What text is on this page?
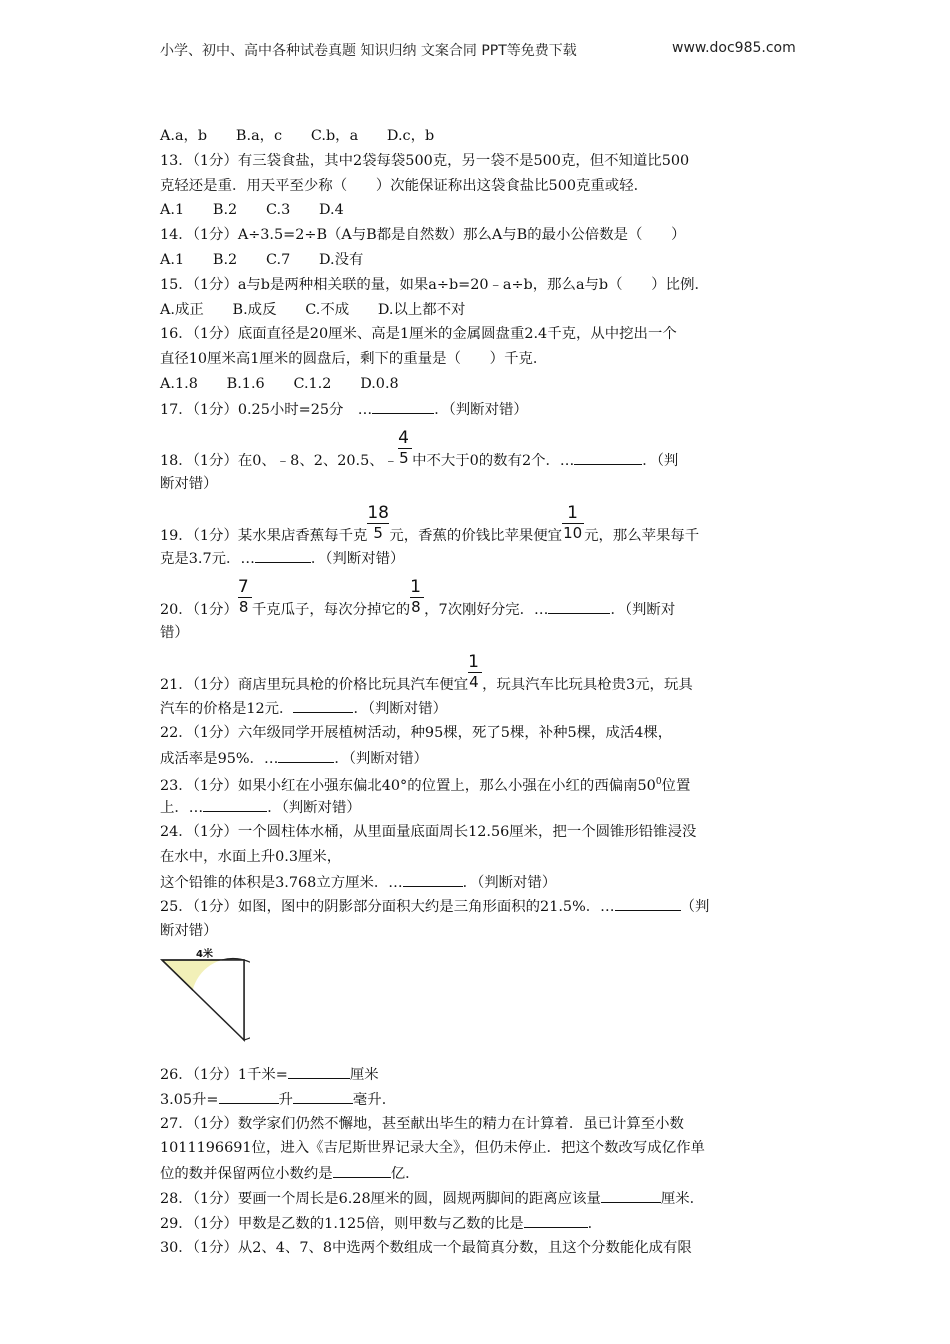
小学、初中、高中各种试卷真题 知识归纳 文案合同 PPT等免费下载	www.doc985.com
A.a，b　　B.a，c　　C.b，a　　D.c，b
13．（1分）有三袋食盐，其中2袋每袋500克，另一袋不是500克，但不知道比500
克轻还是重．用天平至少称（　　）次能保证称出这袋食盐比500克重或轻．
A.1　　B.2　　C.3　　D.4
14．（1分）A÷3.5=2÷B（A与B都是自然数）那么A与B的最小公倍数是（　　）
A.1　　B.2　　C.7　　D.没有
15．（1分）a与b是两种相关联的量，如果a÷b=20﹣a÷b，那么a与b（　　）比例．
A.成正　　B.成反　　C.不成　　D.以上都不对
16．（1分）底面直径是20厘米、高是1厘米的金属圆盘重2.4千克，从中挖出一个
直径10厘米高1厘米的圆盘后，剩下的重量是（　　）千克．
A.1.8　　B.1.6　　C.1.2　　D.0.8
17．（1分）0.25小时=25分　…	．（判断对错）
18．（1分）在0、﹣8、2、20.5、﹣ $\frac{4}{5}$ 中不大于0的数有2个．…	．（判
断对错）
19．（1分）某水果店香蕉每千克 $\frac{18}{5}$ 元，香蕉的价钱比苹果便宜 $\frac{1}{10}$ 元，那么苹果每千
克是3.7元．…	．（判断对错）
20．（1分） $\frac{7}{8}$ 千克瓜子，每次分掉它的 $\frac{1}{8}$ ，7次刚好分完．…	．（判断对
错）
21．（1分）商店里玩具枪的价格比玩具汽车便宜 $\frac{1}{4}$ ，玩具汽车比玩具枪贵3元，玩具
汽车的价格是12元．	．（判断对错）
22．（1分）六年级同学开展植树活动，种95棵，死了5棵，补种5棵，成活4棵，
成活率是95%．…	．（判断对错）
23．（1分）如果小红在小强东偏北40°的位置上，那么小强在小红的西偏南$50^0$位置
上．…	．（判断对错）
24．（1分）一个圆柱体水桶，从里面量底面周长12.56厘米，把一个圆锥形铅锥浸没
在水中，水面上升0.3厘米，
这个铅锥的体积是3.768立方厘米．…	．（判断对错）
25．（1分）如图，图中的阴影部分面积大约是三角形面积的21.5%．…	（判
断对错）
4米
26．（1分）1千米=	厘米
3.05升=	升	毫升．
27．（1分）数学家们仍然不懈地，甚至献出毕生的精力在计算着．虽已计算至小数
1011196691位，进入《吉尼斯世界记录大全》，但仍未停止．把这个数改写成亿作单
位的数并保留两位小数约是	亿．
28．（1分）要画一个周长是6.28厘米的圆，圆规两脚间的距离应该量	厘米．
29．（1分）甲数是乙数的1.125倍，则甲数与乙数的比是	．
30．（1分）从2、4、7、8中选两个数组成一个最简真分数，且这个分数能化成有限
